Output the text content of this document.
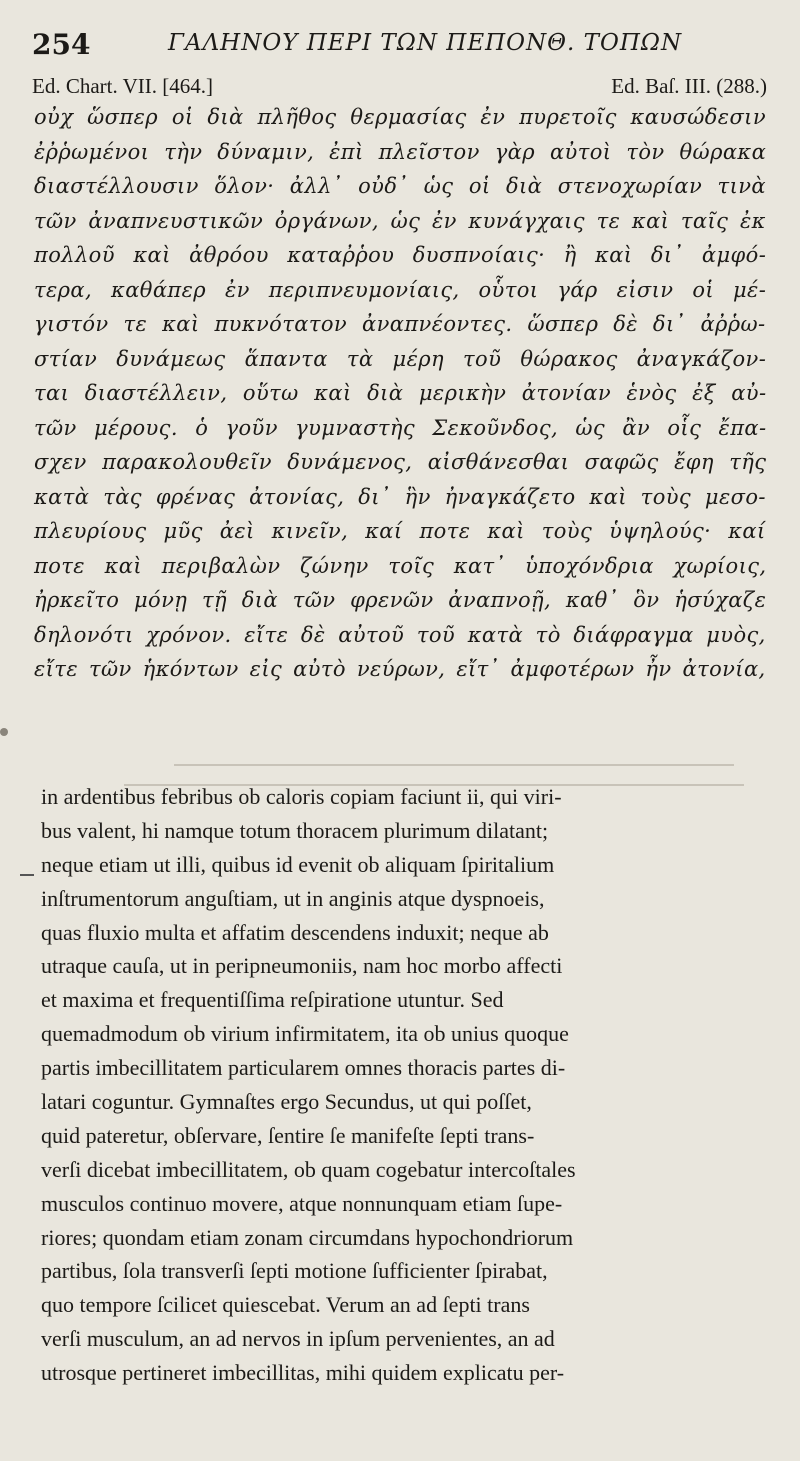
254	ΓΑΛΗΝΟΥ ΠΕΡΙ ΤΩΝ ΠΕΠΟΝΘ. ΤΟΠΩΝ
Ed. Chart. VII. [464.]	Ed. Baſ. III. (288.)
οὐχ ὥσπερ οἱ διὰ πλῆθος θερμασίας ἐν πυρετοῖς καυσώδεσιν
ἐῤῥωμένοι τὴν δύναμιν, ἐπὶ πλεῖστον γὰρ αὐτοὶ τὸν θώρακα
διαστέλλουσιν ὅλον· ἀλλ᾽ οὐδ᾽ ὡς οἱ διὰ στενοχωρίαν τινὰ
τῶν ἀναπνευστικῶν ὀργάνων, ὡς ἐν κυνάγχαις τε καὶ ταῖς ἐκ
πολλοῦ καὶ ἀθρόου καταῤῥου δυσπνοίαις· ἢ καὶ δι᾽ ἀμφό-
τερα, καθάπερ ἐν περιπνευμονίαις, οὗτοι γάρ εἰσιν οἱ μέ-
γιστόν τε καὶ πυκνότατον ἀναπνέοντες. ὥσπερ δὲ δι᾽ ἀῤῥω-
στίαν δυνάμεως ἅπαντα τὰ μέρη τοῦ θώρακος ἀναγκάζον-
ται διαστέλλειν, οὕτω καὶ διὰ μερικὴν ἀτονίαν ἑνὸς ἐξ αὐ-
τῶν μέρους. ὁ γοῦν γυμναστὴς Σεκοῦνδος, ὡς ἂν οἷς ἔπα-
σχεν παρακολουθεῖν δυνάμενος, αἰσθάνεσθαι σαφῶς ἔφη τῆς
κατὰ τὰς φρένας ἀτονίας, δι᾽ ἣν ἠναγκάζετο καὶ τοὺς μεσο-
πλευρίους μῦς ἀεὶ κινεῖν, καί ποτε καὶ τοὺς ὑψηλούς· καί
ποτε καὶ περιβαλὼν ζώνην τοῖς κατ᾽ ὑποχόνδρια χωρίοις,
ἠρκεῖτο μόνῃ τῇ διὰ τῶν φρενῶν ἀναπνοῇ, καθ᾽ ὃν ἡσύχαζε
δηλονότι χρόνον. εἴτε δὲ αὐτοῦ τοῦ κατὰ τὸ διάφραγμα μυὸς,
εἴτε τῶν ἡκόντων εἰς αὐτὸ νεύρων, εἴτ᾽ ἀμφοτέρων ἦν ἀτονία,
in ardentibus febribus ob caloris copiam faciunt ii, qui viri-
bus valent, hi namque totum thoracem plurimum dilatant;
neque etiam ut illi, quibus id evenit ob aliquam ſpiritalium
inſtrumentorum anguſtiam, ut in anginis atque dyspnoeis,
quas fluxio multa et affatim descendens induxit; neque ab
utraque cauſa, ut in peripneumoniis, nam hoc morbo affecti
et maxima et frequentiſſima reſpiratione utuntur. Sed
quemadmodum ob virium infirmitatem, ita ob unius quoque
partis imbecillitatem particularem omnes thoracis partes di-
latari coguntur. Gymnaſtes ergo Secundus, ut qui poſſet,
quid pateretur, obſervare, ſentire ſe manifeſte ſepti trans-
verſi dicebat imbecillitatem, ob quam cogebatur intercoſtales
musculos continuo movere, atque nonnunquam etiam ſupe-
riores; quondam etiam zonam circumdans hypochondriorum
partibus, ſola transverſi ſepti motione ſufficienter ſpirabat,
quo tempore ſcilicet quiescebat. Verum an ad ſepti trans
verſi musculum, an ad nervos in ipſum pervenientes, an ad
utrosque pertineret imbecillitas, mihi quidem explicatu per-
